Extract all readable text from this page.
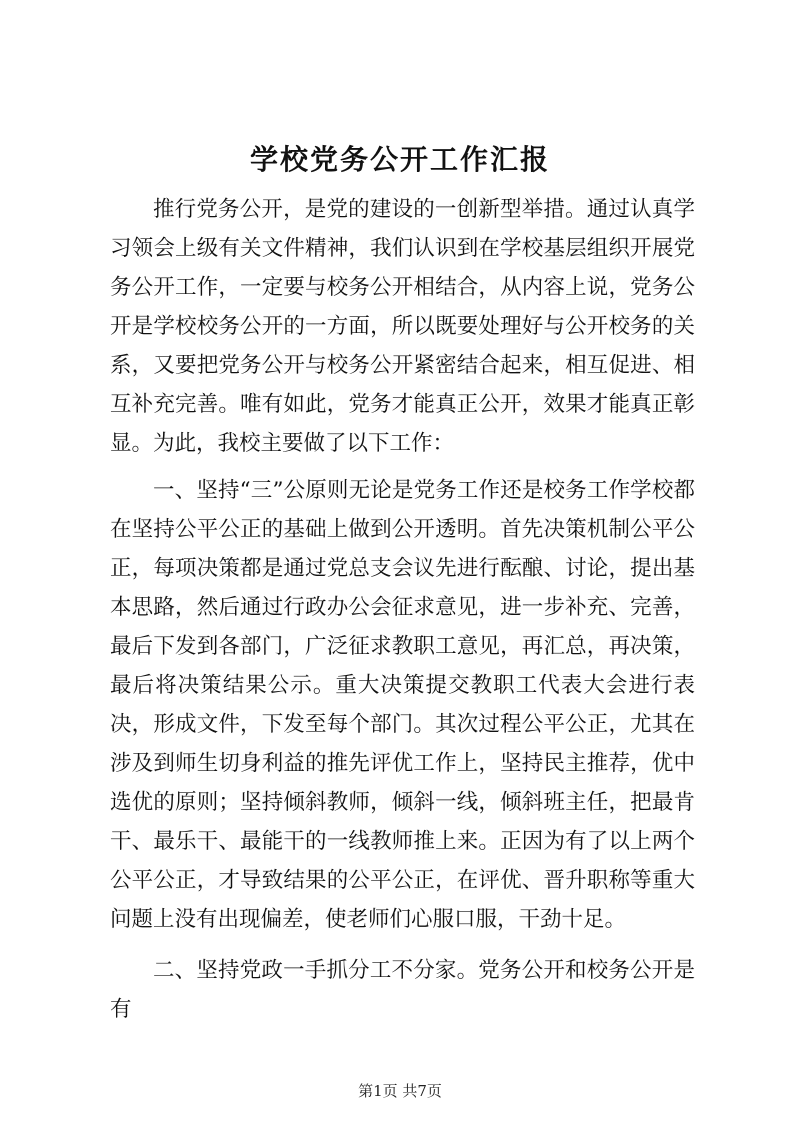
学校党务公开工作汇报

推行党务公开，是党的建设的一创新型举措。通过认真学习领会上级有关文件精神，我们认识到在学校基层组织开展党务公开工作，一定要与校务公开相结合，从内容上说，党务公开是学校校务公开的一方面，所以既要处理好与公开校务的关系，又要把党务公开与校务公开紧密结合起来，相互促进、相互补充完善。唯有如此，党务才能真正公开，效果才能真正彰显。为此，我校主要做了以下工作：

一、坚持“三”公原则无论是党务工作还是校务工作学校都在坚持公平公正的基础上做到公开透明。首先决策机制公平公正，每项决策都是通过党总支会议先进行酝酿、讨论，提出基本思路，然后通过行政办公会征求意见，进一步补充、完善，最后下发到各部门，广泛征求教职工意见，再汇总，再决策，最后将决策结果公示。重大决策提交教职工代表大会进行表决，形成文件，下发至每个部门。其次过程公平公正，尤其在涉及到师生切身利益的推先评优工作上，坚持民主推荐，优中选优的原则；坚持倾斜教师，倾斜一线，倾斜班主任，把最肯干、最乐干、最能干的一线教师推上来。正因为有了以上两个公平公正，才导致结果的公平公正，在评优、晋升职称等重大问题上没有出现偏差，使老师们心服口服，干劲十足。

二、坚持党政一手抓分工不分家。党务公开和校务公开是有

第1页 共7页
